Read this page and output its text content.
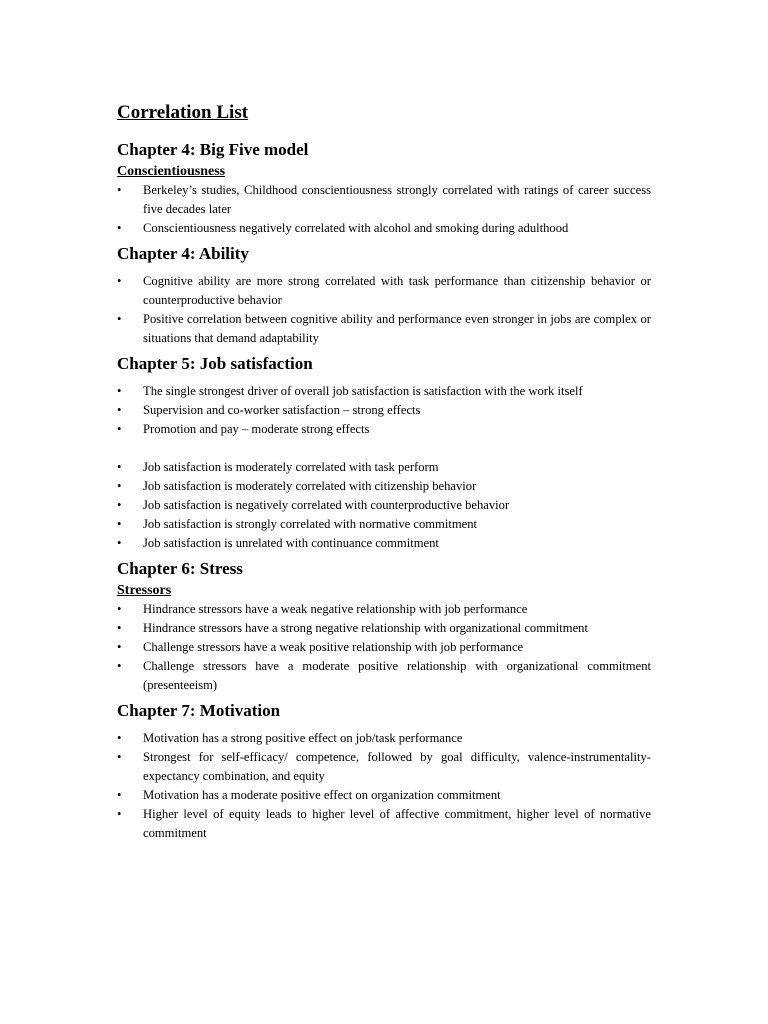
Correlation List
Chapter 4: Big Five model
Conscientiousness
• Berkeley’s studies, Childhood conscientiousness strongly correlated with ratings of career success five decades later
• Conscientiousness negatively correlated with alcohol and smoking during adulthood
Chapter 4: Ability
• Cognitive ability are more strong correlated with task performance than citizenship behavior or counterproductive behavior
• Positive correlation between cognitive ability and performance even stronger in jobs are complex or situations that demand adaptability
Chapter 5: Job satisfaction
• The single strongest driver of overall job satisfaction is satisfaction with the work itself
• Supervision and co-worker satisfaction – strong effects
• Promotion and pay – moderate strong effects
• Job satisfaction is moderately correlated with task perform
• Job satisfaction is moderately correlated with citizenship behavior
• Job satisfaction is negatively correlated with counterproductive behavior
• Job satisfaction is strongly correlated with normative commitment
• Job satisfaction is unrelated with continuance commitment
Chapter 6: Stress
Stressors
• Hindrance stressors have a weak negative relationship with job performance
• Hindrance stressors have a strong negative relationship with organizational commitment
• Challenge stressors have a weak positive relationship with job performance
• Challenge stressors have a moderate positive relationship with organizational commitment (presenteeism)
Chapter 7: Motivation
• Motivation has a strong positive effect on job/task performance
• Strongest for self-efficacy/ competence, followed by goal difficulty, valence-instrumentality-expectancy combination, and equity
• Motivation has a moderate positive effect on organization commitment
• Higher level of equity leads to higher level of affective commitment, higher level of normative commitment
